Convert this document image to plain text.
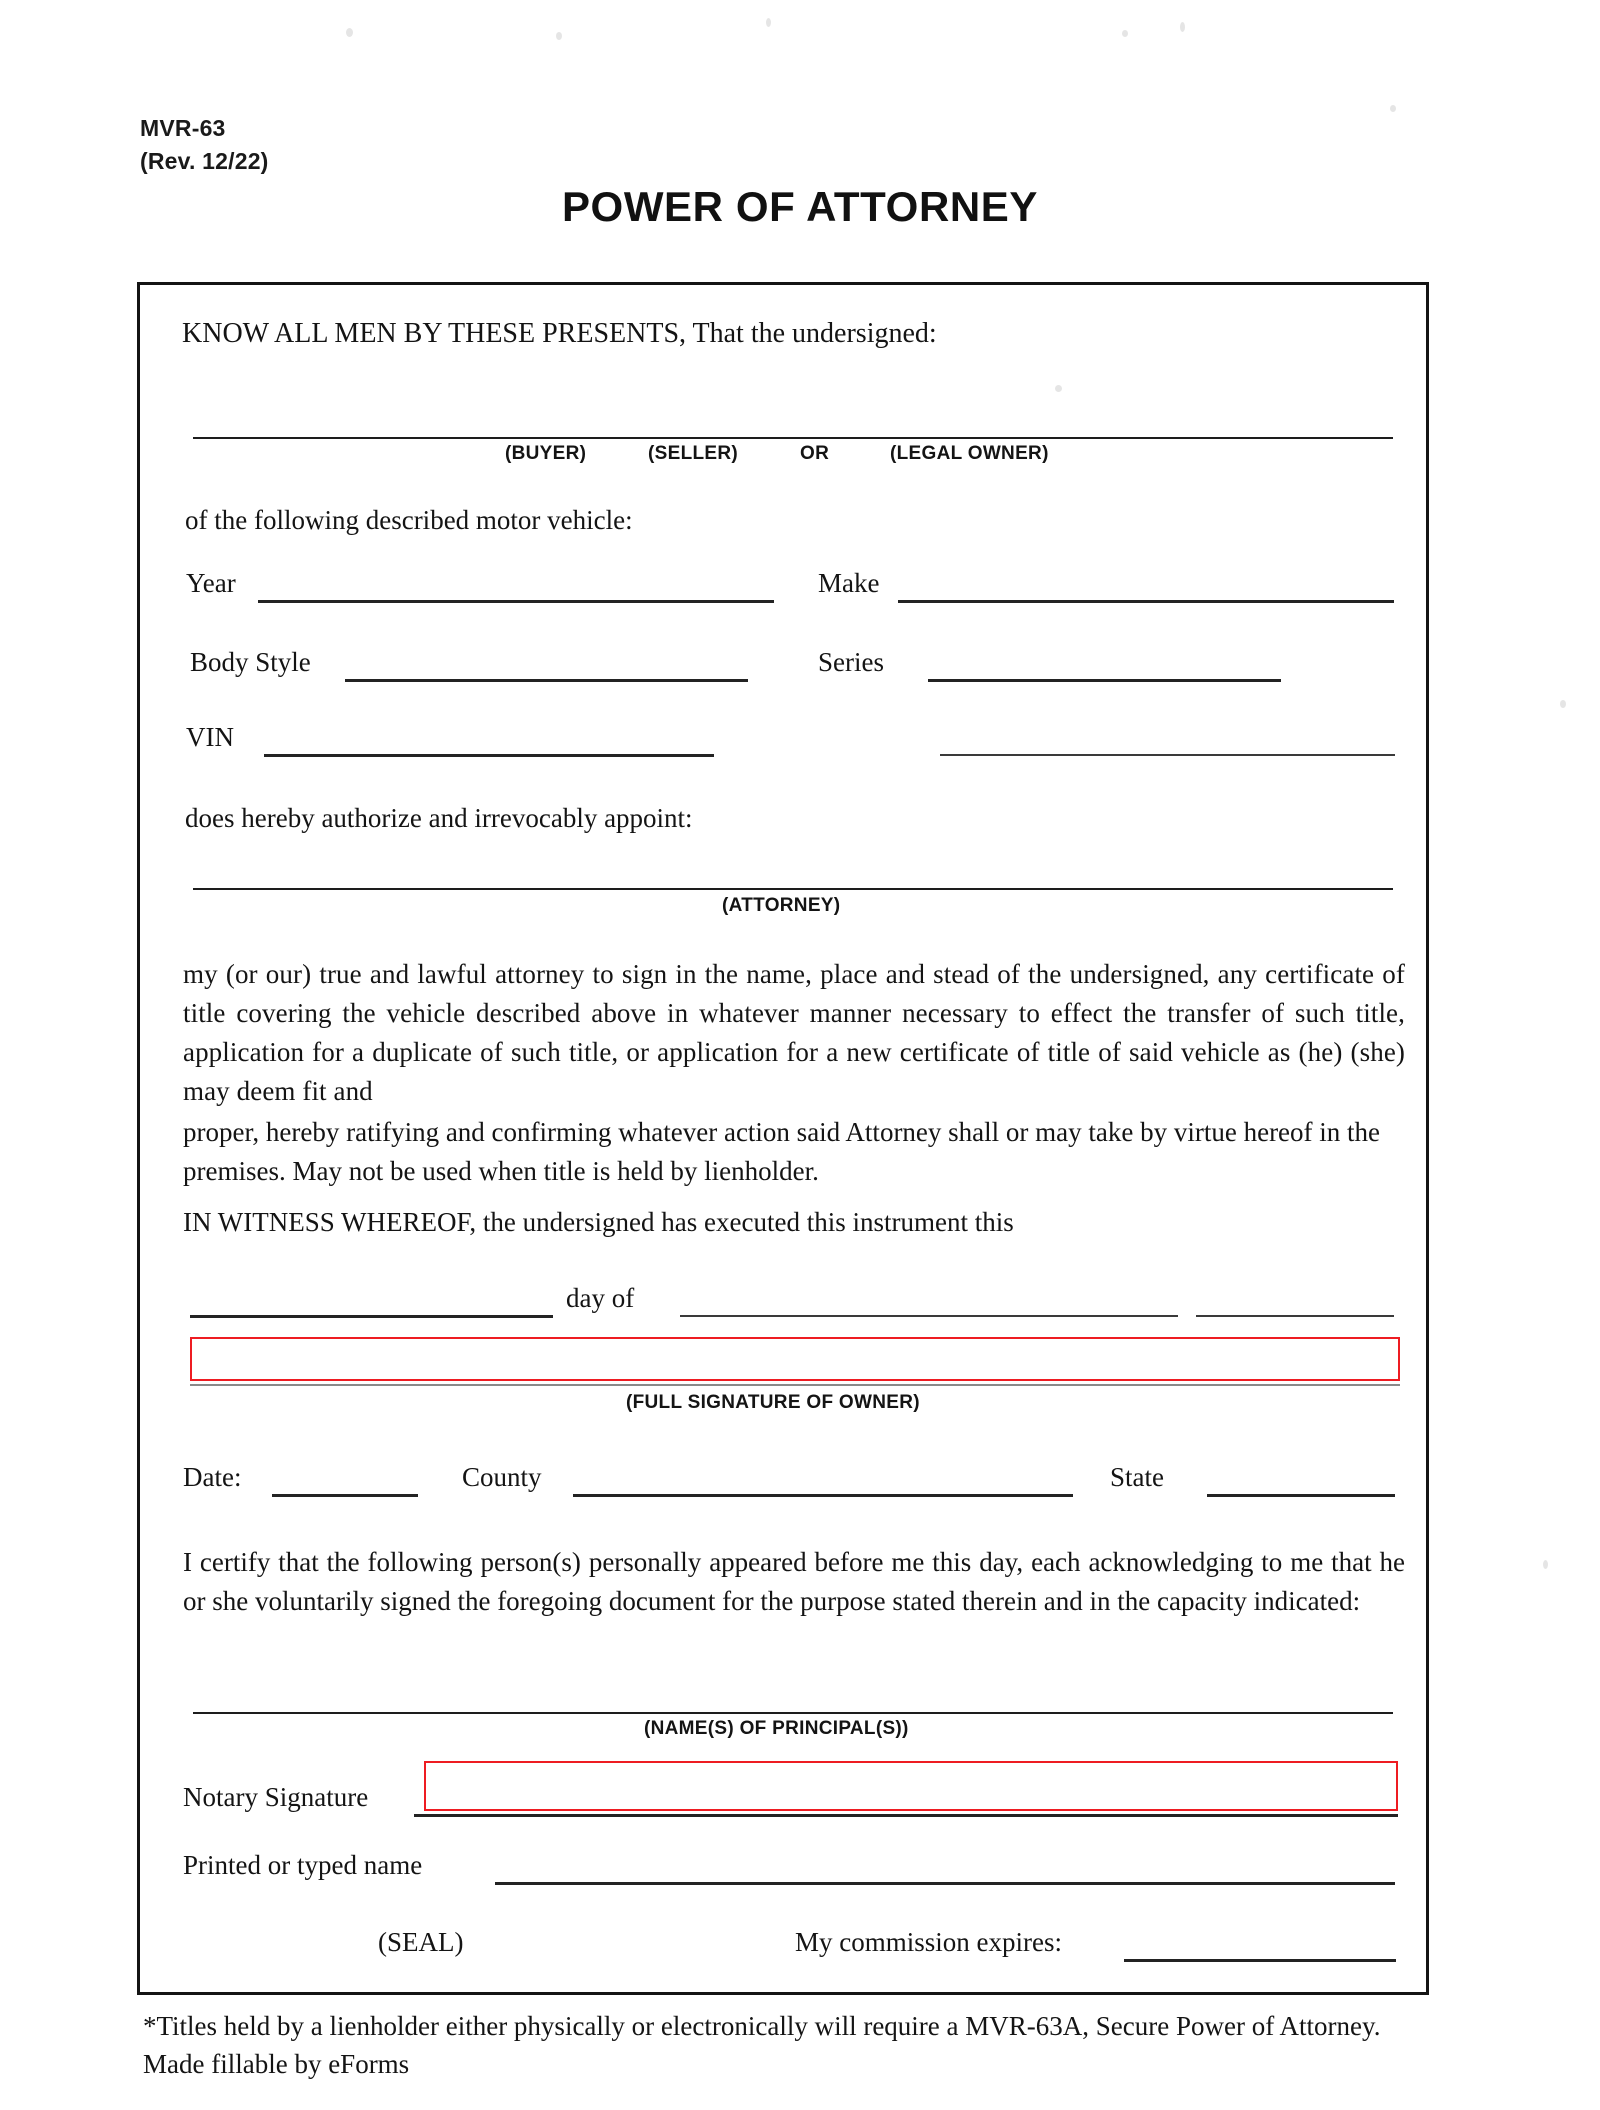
MVR-63
(Rev. 12/22)
POWER OF ATTORNEY
KNOW ALL MEN BY THESE PRESENTS, That the undersigned:
(BUYER)	(SELLER)	OR	(LEGAL OWNER)
of the following described motor vehicle:
Year	Make
Body Style	Series
VIN
does hereby authorize and irrevocably appoint:
(ATTORNEY)
my (or our) true and lawful attorney to sign in the name, place and stead of the undersigned, any certificate of title covering the vehicle described above in whatever manner necessary to effect the transfer of such title, application for a duplicate of such title, or application for a new certificate of title of said vehicle as (he) (she) may deem fit and
proper, hereby ratifying and confirming whatever action said Attorney shall or may take by virtue hereof in the premises. May not be used when title is held by lienholder.
IN WITNESS WHEREOF, the undersigned has executed this instrument this
day of
(FULL SIGNATURE OF OWNER)
Date:	County	State
I certify that the following person(s) personally appeared before me this day, each acknowledging to me that he or she voluntarily signed the foregoing document for the purpose stated therein and in the capacity indicated:
(NAME(S) OF PRINCIPAL(S))
Notary Signature
Printed or typed name
(SEAL)	My commission expires:
*Titles held by a lienholder either physically or electronically will require a MVR-63A, Secure Power of Attorney. Made fillable by eForms
